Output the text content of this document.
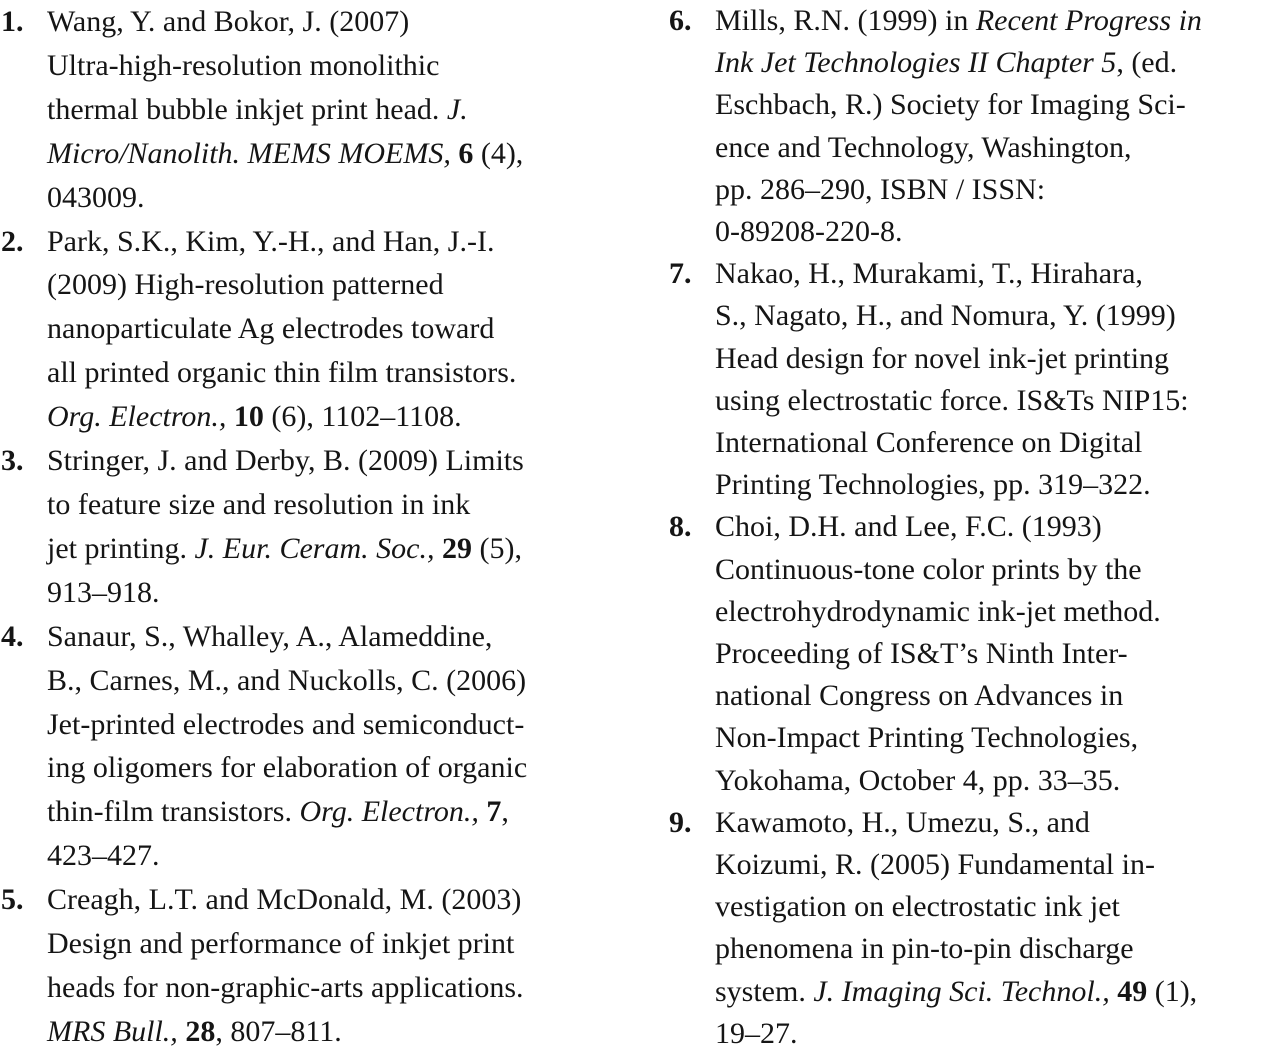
1. Wang, Y. and Bokor, J. (2007)
Ultra-high-resolution monolithic
thermal bubble inkjet print head. J.
Micro/Nanolith. MEMS MOEMS, 6 (4),
043009.
2. Park, S.K., Kim, Y.-H., and Han, J.-I.
(2009) High-resolution patterned
nanoparticulate Ag electrodes toward
all printed organic thin film transistors.
Org. Electron., 10 (6), 1102–1108.
3. Stringer, J. and Derby, B. (2009) Limits
to feature size and resolution in ink
jet printing. J. Eur. Ceram. Soc., 29 (5),
913–918.
4. Sanaur, S., Whalley, A., Alameddine,
B., Carnes, M., and Nuckolls, C. (2006)
Jet-printed electrodes and semiconduct-
ing oligomers for elaboration of organic
thin-film transistors. Org. Electron., 7,
423–427.
5. Creagh, L.T. and McDonald, M. (2003)
Design and performance of inkjet print
heads for non-graphic-arts applications.
MRS Bull., 28, 807–811.
6. Mills, R.N. (1999) in Recent Progress in
Ink Jet Technologies II Chapter 5, (ed.
Eschbach, R.) Society for Imaging Sci-
ence and Technology, Washington,
pp. 286–290, ISBN / ISSN:
0-89208-220-8.
7. Nakao, H., Murakami, T., Hirahara,
S., Nagato, H., and Nomura, Y. (1999)
Head design for novel ink-jet printing
using electrostatic force. IS&Ts NIP15:
International Conference on Digital
Printing Technologies, pp. 319–322.
8. Choi, D.H. and Lee, F.C. (1993)
Continuous-tone color prints by the
electrohydrodynamic ink-jet method.
Proceeding of IS&T’s Ninth Inter-
national Congress on Advances in
Non-Impact Printing Technologies,
Yokohama, October 4, pp. 33–35.
9. Kawamoto, H., Umezu, S., and
Koizumi, R. (2005) Fundamental in-
vestigation on electrostatic ink jet
phenomena in pin-to-pin discharge
system. J. Imaging Sci. Technol., 49 (1),
19–27.
